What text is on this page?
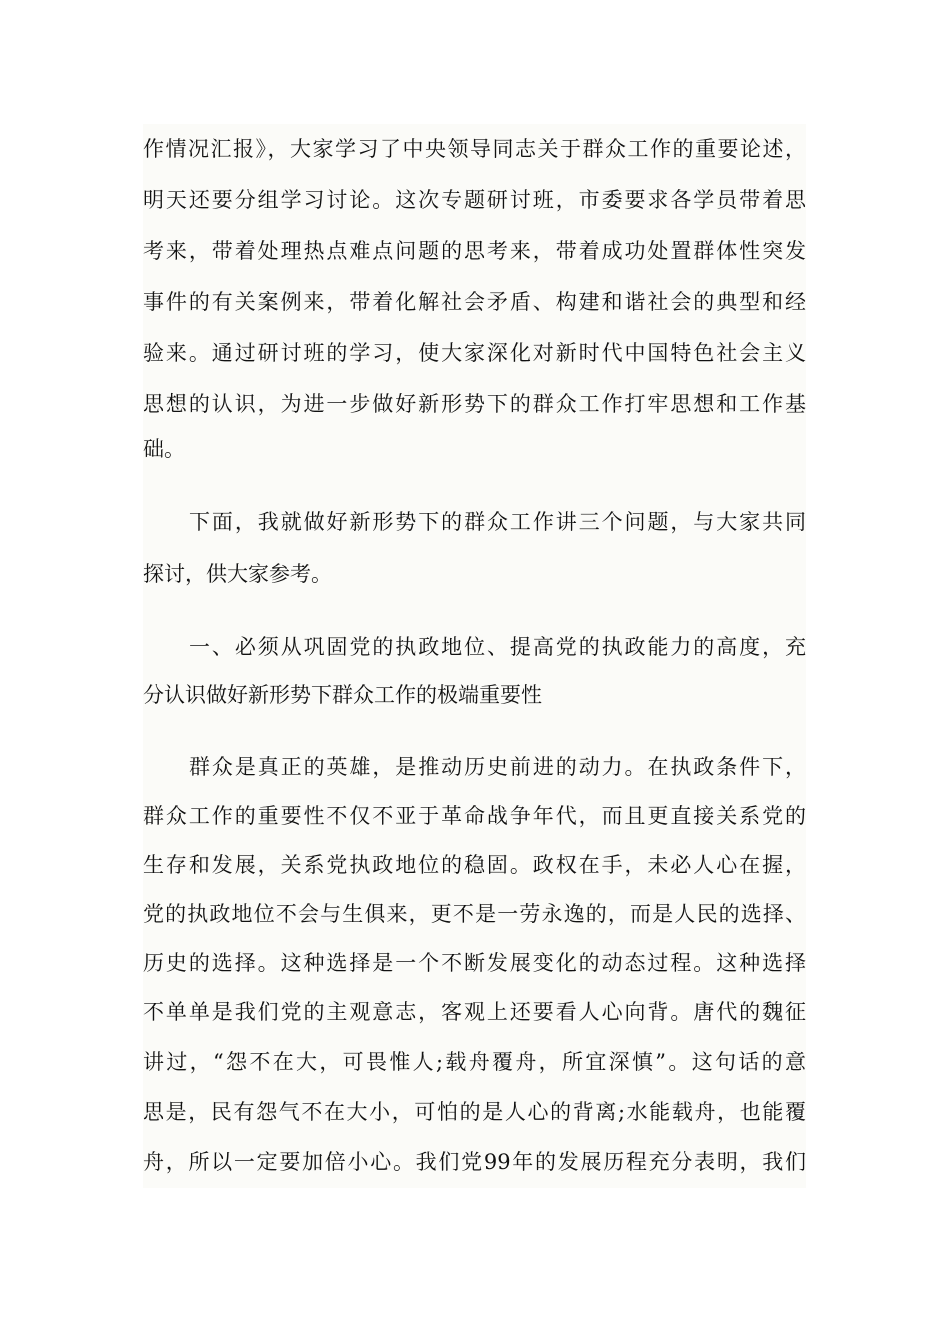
作情况汇报》，大家学习了中央领导同志关于群众工作的重要论述，
明天还要分组学习讨论。这次专题研讨班，市委要求各学员带着思
考来，带着处理热点难点问题的思考来，带着成功处置群体性突发
事件的有关案例来，带着化解社会矛盾、构建和谐社会的典型和经
验来。通过研讨班的学习，使大家深化对新时代中国特色社会主义
思想的认识，为进一步做好新形势下的群众工作打牢思想和工作基
础。
下面，我就做好新形势下的群众工作讲三个问题，与大家共同
探讨，供大家参考。
一、必须从巩固党的执政地位、提高党的执政能力的高度，充
分认识做好新形势下群众工作的极端重要性
群众是真正的英雄，是推动历史前进的动力。在执政条件下，
群众工作的重要性不仅不亚于革命战争年代，而且更直接关系党的
生存和发展，关系党执政地位的稳固。政权在手，未必人心在握，
党的执政地位不会与生俱来，更不是一劳永逸的，而是人民的选择、
历史的选择。这种选择是一个不断发展变化的动态过程。这种选择
不单单是我们党的主观意志，客观上还要看人心向背。唐代的魏征
讲过，“怨不在大，可畏惟人;载舟覆舟，所宜深慎”。这句话的意
思是，民有怨气不在大小，可怕的是人心的背离;水能载舟，也能覆
舟，所以一定要加倍小心。我们党99年的发展历程充分表明，我们
